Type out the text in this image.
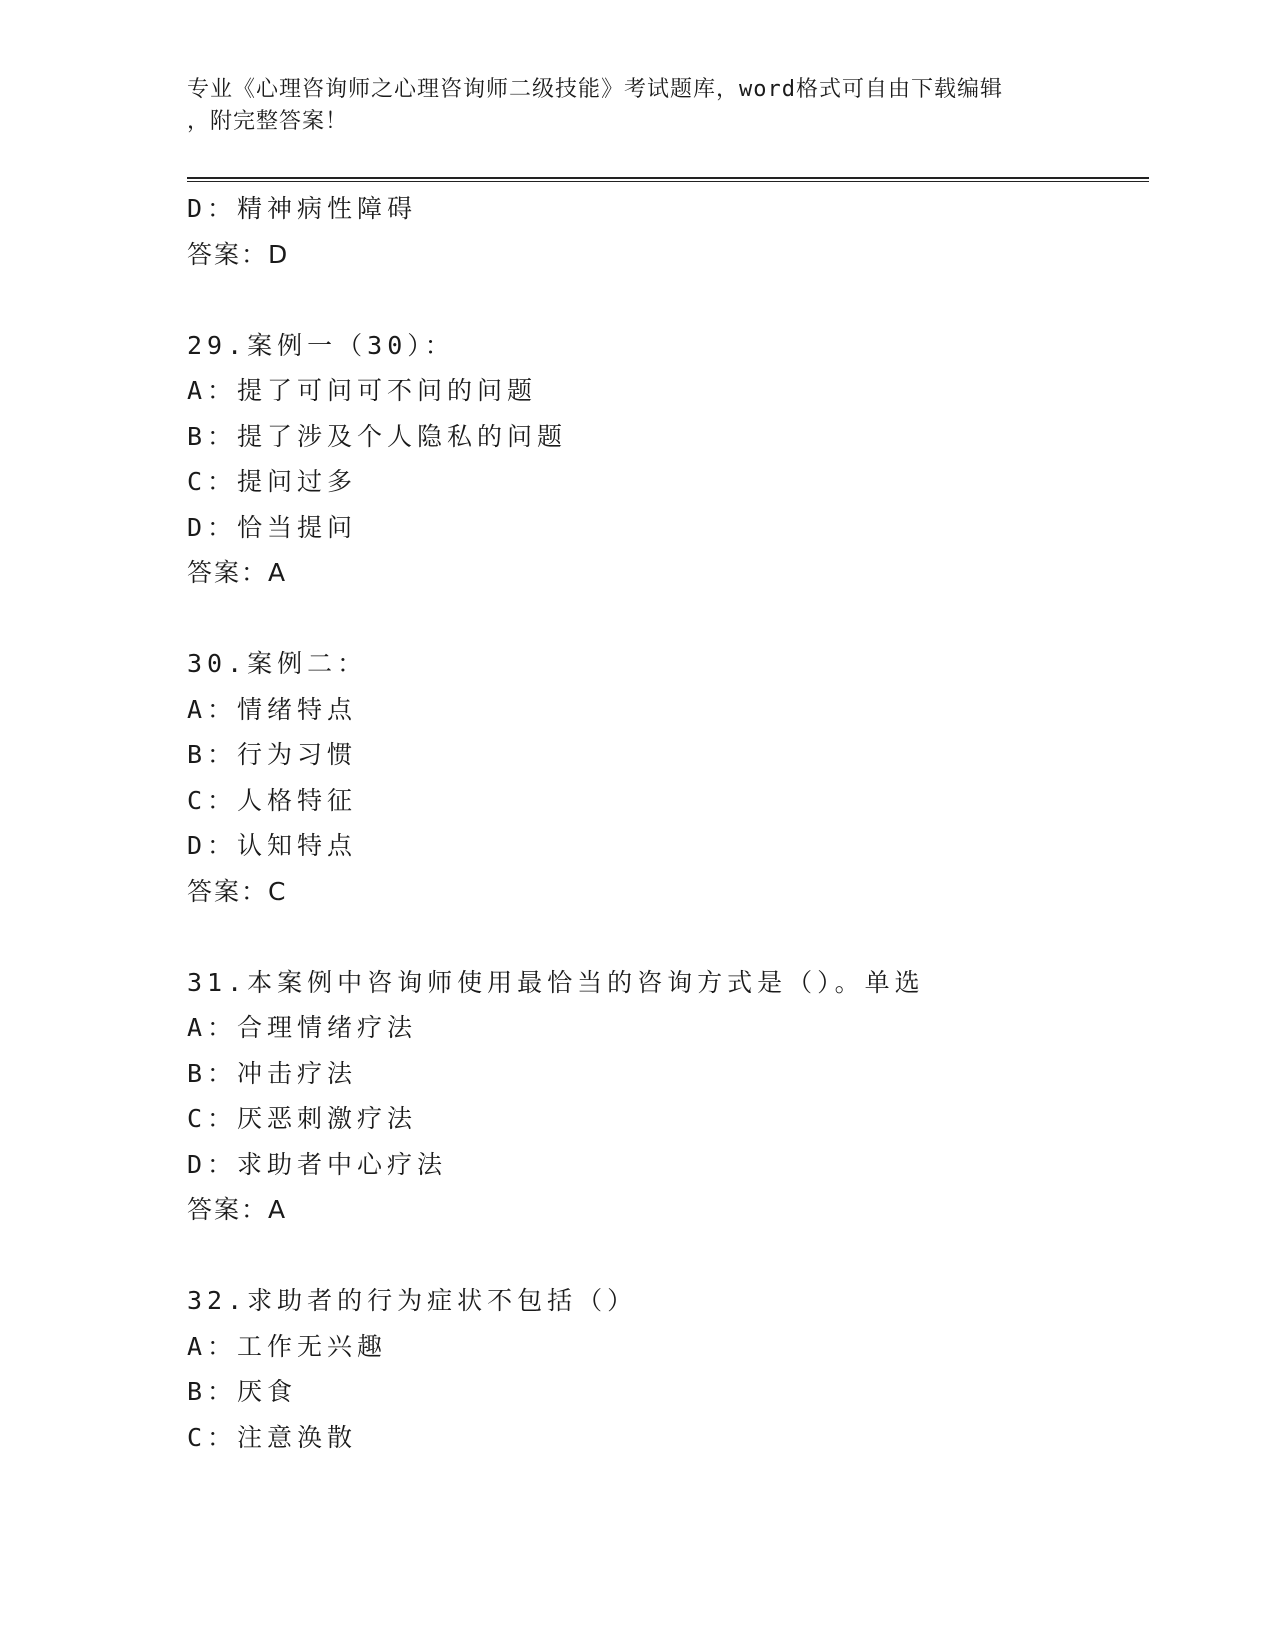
专业《心理咨询师之心理咨询师二级技能》考试题库，word格式可自由下载编辑
，附完整答案！
D：精神病性障碍
答案：D
29.案例一（30）：
A：提了可问可不问的问题
B：提了涉及个人隐私的问题
C：提问过多
D：恰当提问
答案：A
30.案例二：
A：情绪特点
B：行为习惯
C：人格特征
D：认知特点
答案：C
31.本案例中咨询师使用最恰当的咨询方式是（）。单选
A：合理情绪疗法
B：冲击疗法
C：厌恶刺激疗法
D：求助者中心疗法
答案：A
32.求助者的行为症状不包括（）
A：工作无兴趣
B：厌食
C：注意涣散
